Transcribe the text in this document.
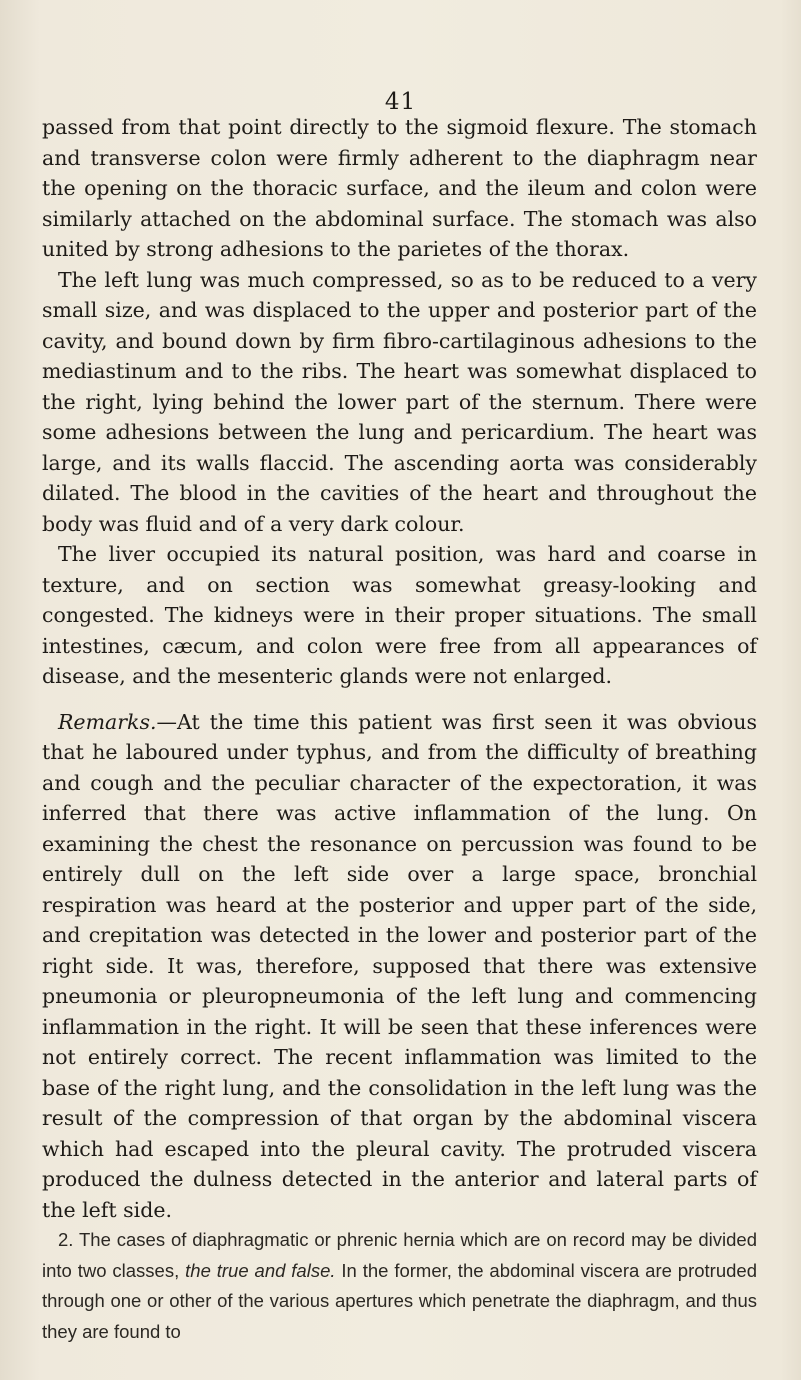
41

passed from that point directly to the sigmoid flexure. The stomach and transverse colon were firmly adherent to the diaphragm near the opening on the thoracic surface, and the ileum and colon were similarly attached on the abdominal surface. The stomach was also united by strong adhesions to the parietes of the thorax.

The left lung was much compressed, so as to be reduced to a very small size, and was displaced to the upper and posterior part of the cavity, and bound down by firm fibro-cartilaginous adhesions to the mediastinum and to the ribs. The heart was somewhat displaced to the right, lying behind the lower part of the sternum. There were some adhesions between the lung and pericardium. The heart was large, and its walls flaccid. The ascending aorta was considerably dilated. The blood in the cavities of the heart and throughout the body was fluid and of a very dark colour.

The liver occupied its natural position, was hard and coarse in texture, and on section was somewhat greasy-looking and congested. The kidneys were in their proper situations. The small intestines, cæcum, and colon were free from all appearances of disease, and the mesenteric glands were not enlarged.

Remarks.—At the time this patient was first seen it was obvious that he laboured under typhus, and from the difficulty of breathing and cough and the peculiar character of the expectoration, it was inferred that there was active inflammation of the lung. On examining the chest the resonance on percussion was found to be entirely dull on the left side over a large space, bronchial respiration was heard at the posterior and upper part of the side, and crepitation was detected in the lower and posterior part of the right side. It was, therefore, supposed that there was extensive pneumonia or pleuropneumonia of the left lung and commencing inflammation in the right. It will be seen that these inferences were not entirely correct. The recent inflammation was limited to the base of the right lung, and the consolidation in the left lung was the result of the compression of that organ by the abdominal viscera which had escaped into the pleural cavity. The protruded viscera produced the dulness detected in the anterior and lateral parts of the left side.

2. The cases of diaphragmatic or phrenic hernia which are on record may be divided into two classes, the true and false. In the former, the abdominal viscera are protruded through one or other of the various apertures which penetrate the diaphragm, and thus they are found to
